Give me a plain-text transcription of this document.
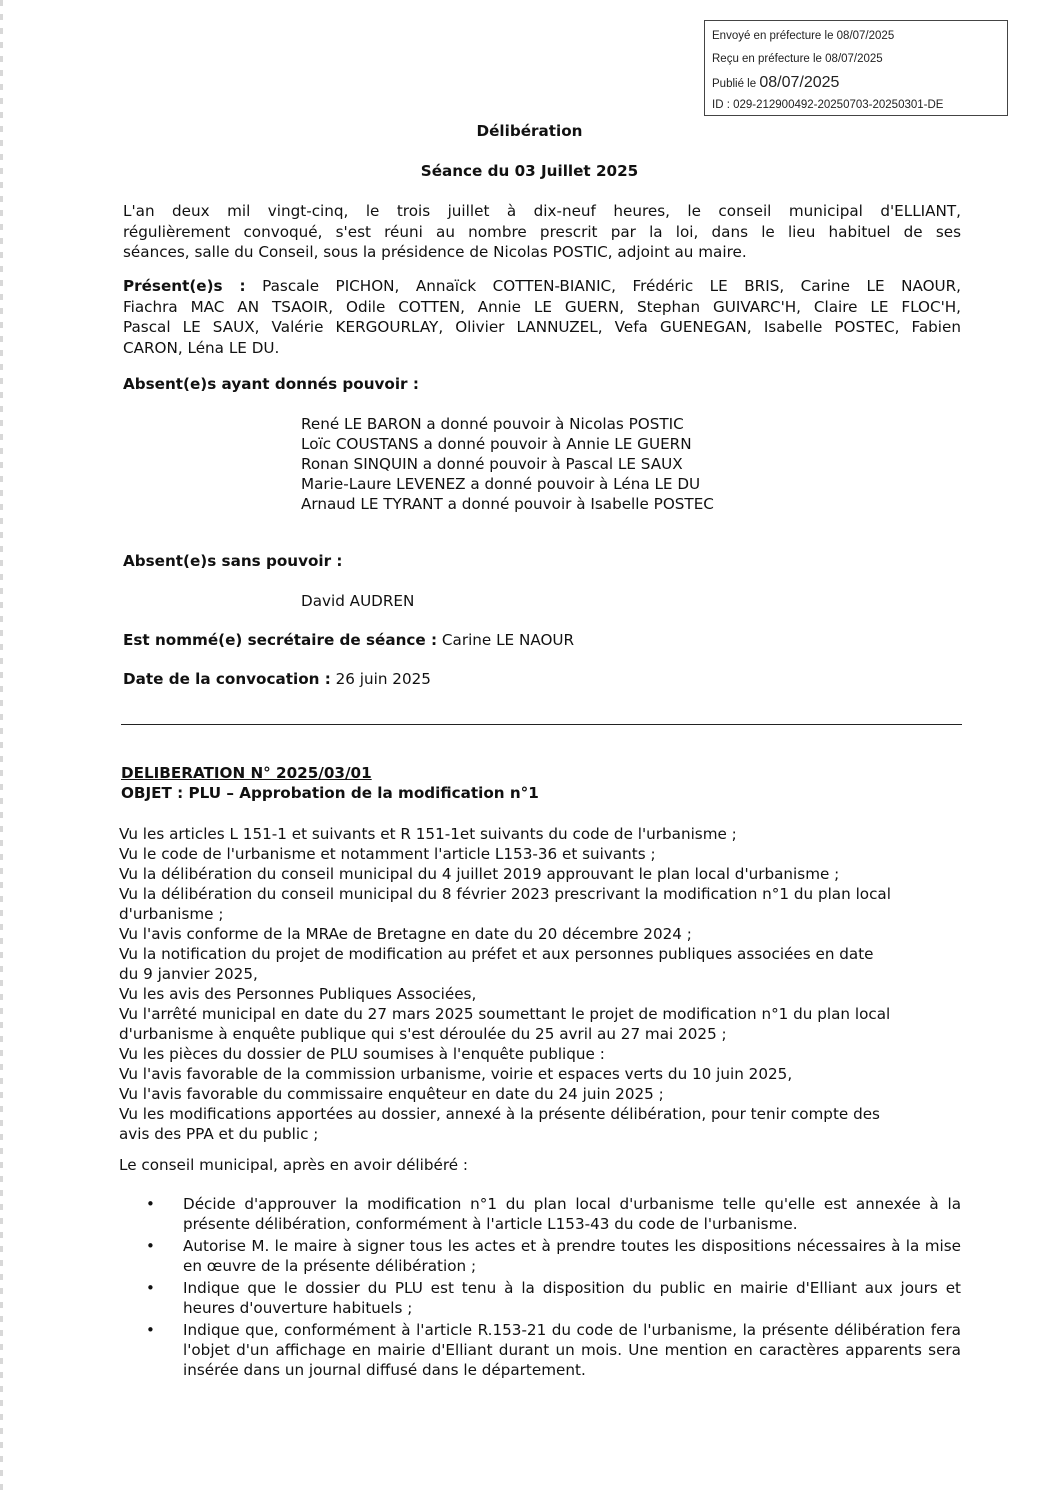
Envoyé en préfecture le 08/07/2025
Reçu en préfecture le 08/07/2025
Publié le 08/07/2025
ID : 029-212900492-20250703-20250301-DE
Délibération
Séance du 03 Juillet 2025
L'an deux mil vingt-cinq, le trois juillet à dix-neuf heures, le conseil municipal d'ELLIANT,
régulièrement convoqué, s'est réuni au nombre prescrit par la loi, dans le lieu habituel de ses
séances, salle du Conseil, sous la présidence de Nicolas POSTIC, adjoint au maire.
Présent(e)s : Pascale PICHON, Annaïck COTTEN-BIANIC, Frédéric LE BRIS, Carine LE NAOUR,
Fiachra MAC AN TSAOIR, Odile COTTEN, Annie LE GUERN, Stephan GUIVARC'H, Claire LE FLOC'H,
Pascal LE SAUX, Valérie KERGOURLAY, Olivier LANNUZEL, Vefa GUENEGAN, Isabelle POSTEC, Fabien
CARON, Léna LE DU.
Absent(e)s ayant donnés pouvoir :
René LE BARON a donné pouvoir à Nicolas POSTIC
Loïc COUSTANS a donné pouvoir à Annie LE GUERN
Ronan SINQUIN a donné pouvoir à Pascal LE SAUX
Marie-Laure LEVENEZ a donné pouvoir à Léna LE DU
Arnaud LE TYRANT a donné pouvoir à Isabelle POSTEC
Absent(e)s sans pouvoir :
David AUDREN
Est nommé(e) secrétaire de séance : Carine LE NAOUR
Date de la convocation : 26 juin 2025
DELIBERATION N° 2025/03/01
OBJET : PLU – Approbation de la modification n°1
Vu les articles L 151-1 et suivants et R 151-1et suivants du code de l'urbanisme ;
Vu le code de l'urbanisme et notamment l'article L153-36 et suivants ;
Vu la délibération du conseil municipal du 4 juillet 2019 approuvant le plan local d'urbanisme ;
Vu la délibération du conseil municipal du 8 février 2023 prescrivant la modification n°1 du plan local
d'urbanisme ;
Vu l'avis conforme de la MRAe de Bretagne en date du 20 décembre 2024 ;
Vu la notification du projet de modification au préfet et aux personnes publiques associées en date
du 9 janvier 2025,
Vu les avis des Personnes Publiques Associées,
Vu l'arrêté municipal en date du 27 mars 2025 soumettant le projet de modification n°1 du plan local
d'urbanisme à enquête publique qui s'est déroulée du 25 avril au 27 mai 2025 ;
Vu les pièces du dossier de PLU soumises à l'enquête publique :
Vu l'avis favorable de la commission urbanisme, voirie et espaces verts du 10 juin 2025,
Vu l'avis favorable du commissaire enquêteur en date du 24 juin 2025 ;
Vu les modifications apportées au dossier, annexé à la présente délibération, pour tenir compte des
avis des PPA et du public ;
Le conseil municipal, après en avoir délibéré :
• Décide d'approuver la modification n°1 du plan local d'urbanisme telle qu'elle est annexée à la présente délibération, conformément à l'article L153-43 du code de l'urbanisme.
• Autorise M. le maire à signer tous les actes et à prendre toutes les dispositions nécessaires à la mise en œuvre de la présente délibération ;
• Indique que le dossier du PLU est tenu à la disposition du public en mairie d'Elliant aux jours et heures d'ouverture habituels ;
• Indique que, conformément à l'article R.153-21 du code de l'urbanisme, la présente délibération fera l'objet d'un affichage en mairie d'Elliant durant un mois. Une mention en caractères apparents sera insérée dans un journal diffusé dans le département.
